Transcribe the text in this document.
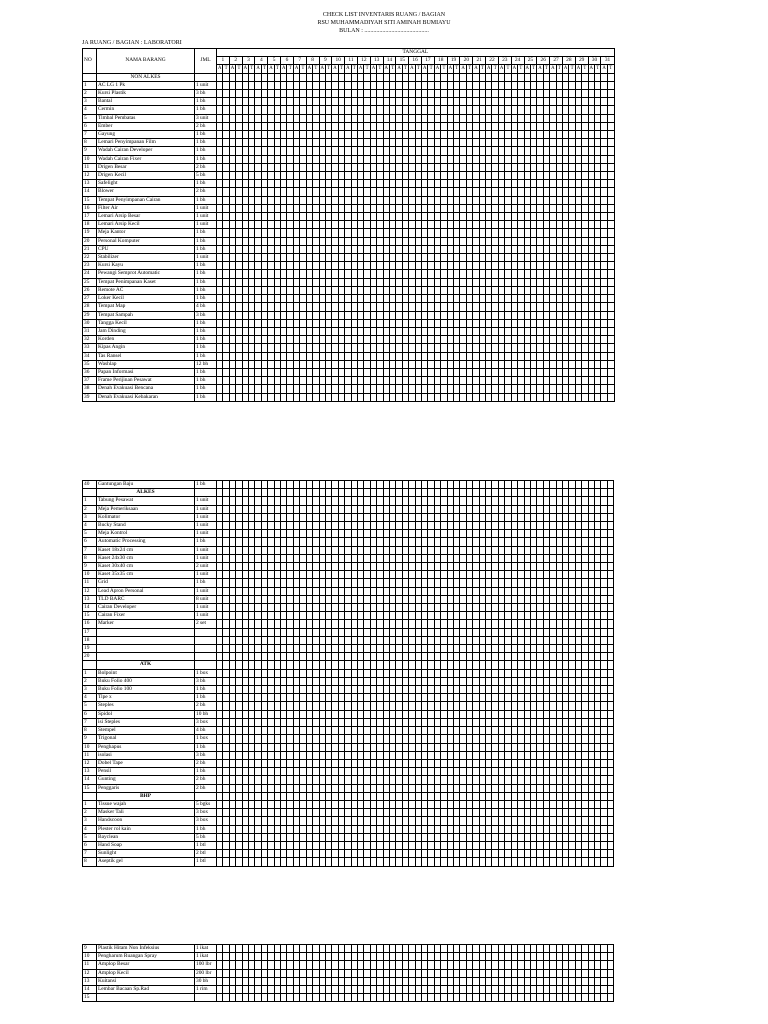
CHECK LIST INVENTARIS RUANG / BAGIAN
RSU MUHAMMADIYAH SITI AMINAH BUMIAYU
BULAN : ...........................................
JA RUANG / BAGIAN : LABORATORI
NO	NAMA BARANG	JML	TANGGAL
1	2	3	4	5	6	7	8	9	10	11	12	13	14	15	16	17	18	19	20	21	22	23	24	25	26	27	28	29	30	31
A	T	A	T	A	T	A	T	A	T	A	T	A	T	A	T	A	T	A	T	A	T	A	T	A	T	A	T	A	T	A	T	A	T	A	T	A	T	A	T	A	T	A	T	A	T	A	T	A	T	A	T	A	T	A	T	A	T	A	T	A	T
	NON ALKES																																																															
1	AC LG 1 Pk	1 unit																																																														
2	Kursi Plastik	3 bh																																																														
3	Bantal	1 bh																																																														
4	Cermin	1 bh																																																														
5	Timbal Pembatas	3 unit																																																														
6	Ember	2 bh																																																														
7	Gayung	1 bh																																																														
8	Lemari Penyimpanan Film	1 bh																																																														
9	Wadah Cairan Developer	1 bh																																																														
10	Wadah Cairan Fixer	1 bh																																																														
11	Drigen Besar	2 bh																																																														
12	Drigen Kecil	5 bh																																																														
13	Safelight	1 bh																																																														
14	Blower	2 bh																																																														
15	Tempat Penyimpanan Cairan	1 bh																																																														
16	Filter Air	1 unit																																																														
17	Lemari Arsip Besar	1 unit																																																														
18	Lemari Arsip Kecil	1 unit																																																														
19	Meja Kantor	1 bh																																																														
20	Personal Komputer	1 bh																																																														
21	CPU	1 bh																																																														
22	Stabilizer	1 unit																																																														
23	Kursi Kayu	1 bh																																																														
24	Pewangi Semprot Automatic	1 bh																																																														
25	Tempat Penimpanan Kaset	1 bh																																																														
26	Remote AC	1 bh																																																														
27	Loker Kecil	1 bh																																																														
28	Tempat Map	4 bh																																																														
29	Tempat Sampah	3 bh																																																														
30	Tangga Kecil	1 bh																																																														
31	Jam Dinding	1 bh																																																														
32	Korden	1 bh																																																														
33	Kipas Angin	1 bh																																																														
34	Tas Ransel	1 bh																																																														
35	Washlap	12 bh																																																														
36	Papan Informasi	1 bh																																																														
37	Frame Perijinan Pesawat	1 bh																																																														
38	Denah Evakuasi Bencana	1 bh																																																														
39	Denah Evakuasi Kebakaran	1 bh																																																														
40	Gantungan Baju	1 bh																																																														
	ALKES																																																															
1	Tabung Pesawat	1 unit																																																														
2	Meja Pemeriksaan	1 unit																																																														
3	Kolimator	1 unit																																																														
4	Bucky Stand	1 unit																																																														
5	Meja Kontrol	1 unit																																																														
6	Automatic Processing	1 bh																																																														
7	Kaset 18x24 cm	1 unit																																																														
8	Kaset 24x30 cm	1 unit																																																														
9	Kaset 30x40 cm	2 unit																																																														
10	Kaset 35x35 cm	1 unit																																																														
11	Grid	1 bh																																																														
12	Lead Apron Personal	1 unit																																																														
13	TLD BARC	8 unit																																																														
14	Cairan Developer	1 unit																																																														
15	Cairan Fixer	1 unit																																																														
16	Marker	2 set																																																														
17																																																																
18																																																																
19																																																																
20																																																																
	ATK																																																															
1	Bolpoint	1 box																																																														
2	Buku Folio 400	3 bh																																																														
3	Buku Folio 100	1 bh																																																														
4	Tipe x	1 bh																																																														
5	Steples	2 bh																																																														
6	Spidol	10 bh																																																														
7	isi Steples	3 box																																																														
8	Stempel	4 bh																																																														
9	Trigonal	1 box																																																														
10	Penghapus	1 bh																																																														
11	isolasi	3 bh																																																														
12	Dobel Tape	2 bh																																																														
13	Pensil	1 bh																																																														
14	Gunting	2 bh																																																														
15	Penggaris	2 bh																																																														
	BHP																																																															
1	Tissue wajah	5 bgks																																																														
2	Masker Tali	3 box																																																														
3	Handscoon	3 box																																																														
4	Plester rol kain	1 bh																																																														
5	Bayclean	5 bh																																																														
6	Hand Soap	1 btl																																																														
7	Sunlight	2 btl																																																														
8	Aseptik gel	1 btl																																																														
9	Plastik Hitam Non Infeksius	1 ikat																																																														
10	Pengharum Ruangan Spray	1 ikat																																																														
11	Amplop Besar	100 lbr																																																														
12	Amplop Kecil	200 lbr																																																														
13	Kuitansi	30 bh																																																														
14	Lembar Bacaan Sp.Rad	1 rim																																																														
15																																																																
